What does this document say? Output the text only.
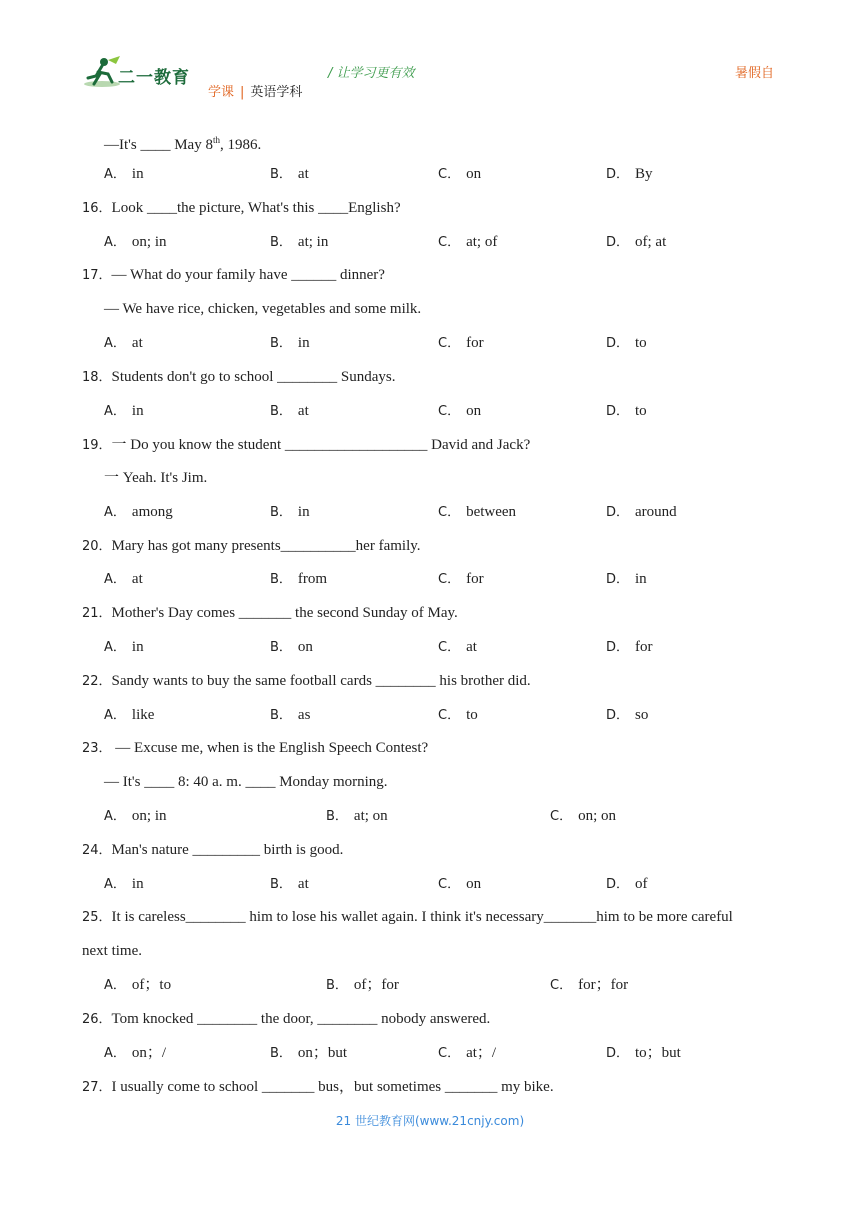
二一教育	/ 让学习更有效
学课 | 英语学科
暑假自
—It's ____ May 8th, 1986.
A． in	B． at	C． on	D． By
16．Look ____the picture, What's this ____English?
A． on; in	B． at; in	C． at; of	D． of; at
17．— What do your family have ______ dinner?
— We have rice, chicken, vegetables and some milk.
A． at	B． in	C． for	D． to
18．Students don't go to school ________ Sundays.
A． in	B． at	C． on	D． to
19．一 Do you know the student ___________________ David and Jack?
一 Yeah. It's Jim.
A． among	B． in	C． between	D． around
20．Mary has got many presents__________her family.
A． at	B． from	C． for	D． in
21．Mother's Day comes _______ the second Sunday of May.
A． in	B． on	C． at	D． for
22．Sandy wants to buy the same football cards ________ his brother did.
A． like	B． as	C． to	D． so
23． — Excuse me, when is the English Speech Contest?
— It's ____ 8: 40 a. m. ____ Monday morning.
A． on; in	B． at; on	C． on; on
24．Man's nature _________ birth is good.
A． in	B． at	C． on	D． of
25．It is careless________ him to lose his wallet again. I think it's necessary_______him to be more careful
next time.
A． of；to	B． of；for	C． for；for
26．Tom knocked ________ the door, ________ nobody answered.
A． on；/	B． on；but	C． at；/	D． to；but
27．I usually come to school _______ bus，but sometimes _______ my bike.
21 世纪教育网(www.21cnjy.com)
